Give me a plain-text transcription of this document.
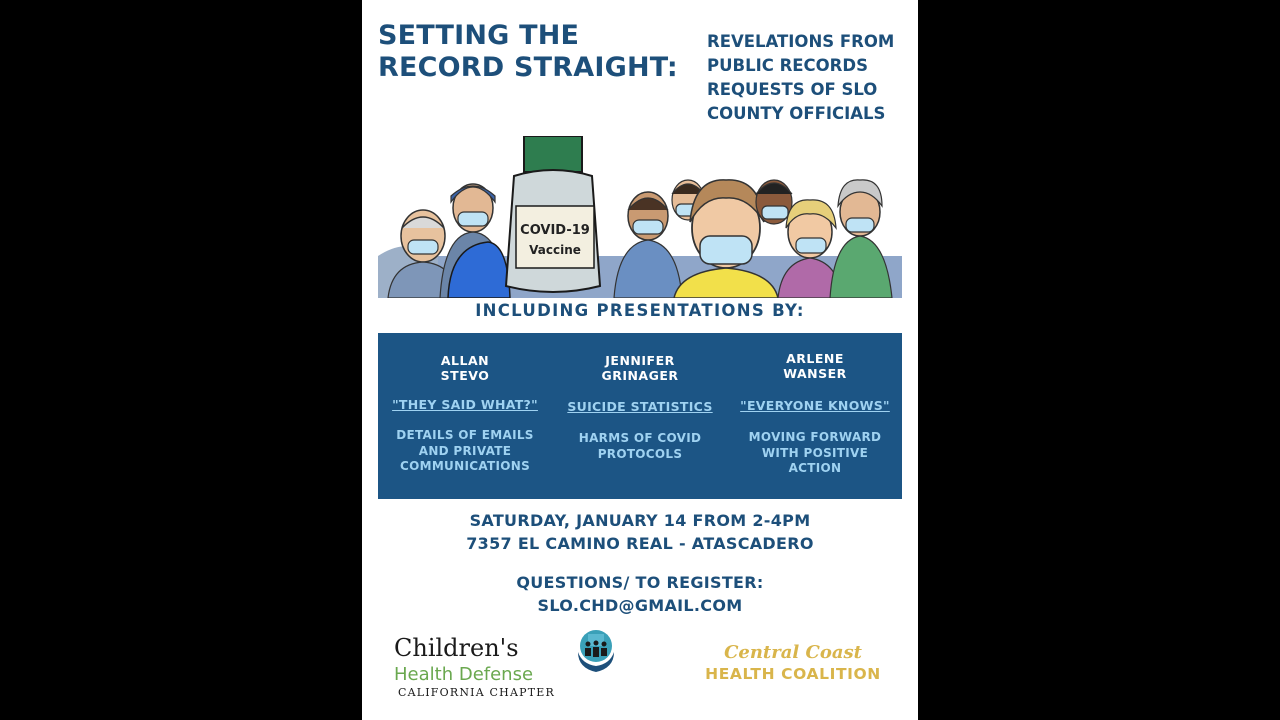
SETTING THE
RECORD STRAIGHT:
REVELATIONS FROM
PUBLIC RECORDS
REQUESTS OF SLO
COUNTY OFFICIALS
COVID-19
Vaccine
INCLUDING PRESENTATIONS BY:
ALLAN
STEVO
"THEY SAID WHAT?"
DETAILS OF EMAILS
AND PRIVATE
COMMUNICATIONS
JENNIFER
GRINAGER
SUICIDE STATISTICS
HARMS OF COVID
PROTOCOLS
ARLENE
WANSER
"EVERYONE KNOWS"
MOVING FORWARD
WITH POSITIVE
ACTION
SATURDAY, JANUARY 14 FROM 2-4PM
7357 EL CAMINO REAL - ATASCADERO
QUESTIONS/ TO REGISTER:
SLO.CHD@GMAIL.COM
Children's
Health Defense
CALIFORNIA CHAPTER
Central Coast
HEALTH COALITION
